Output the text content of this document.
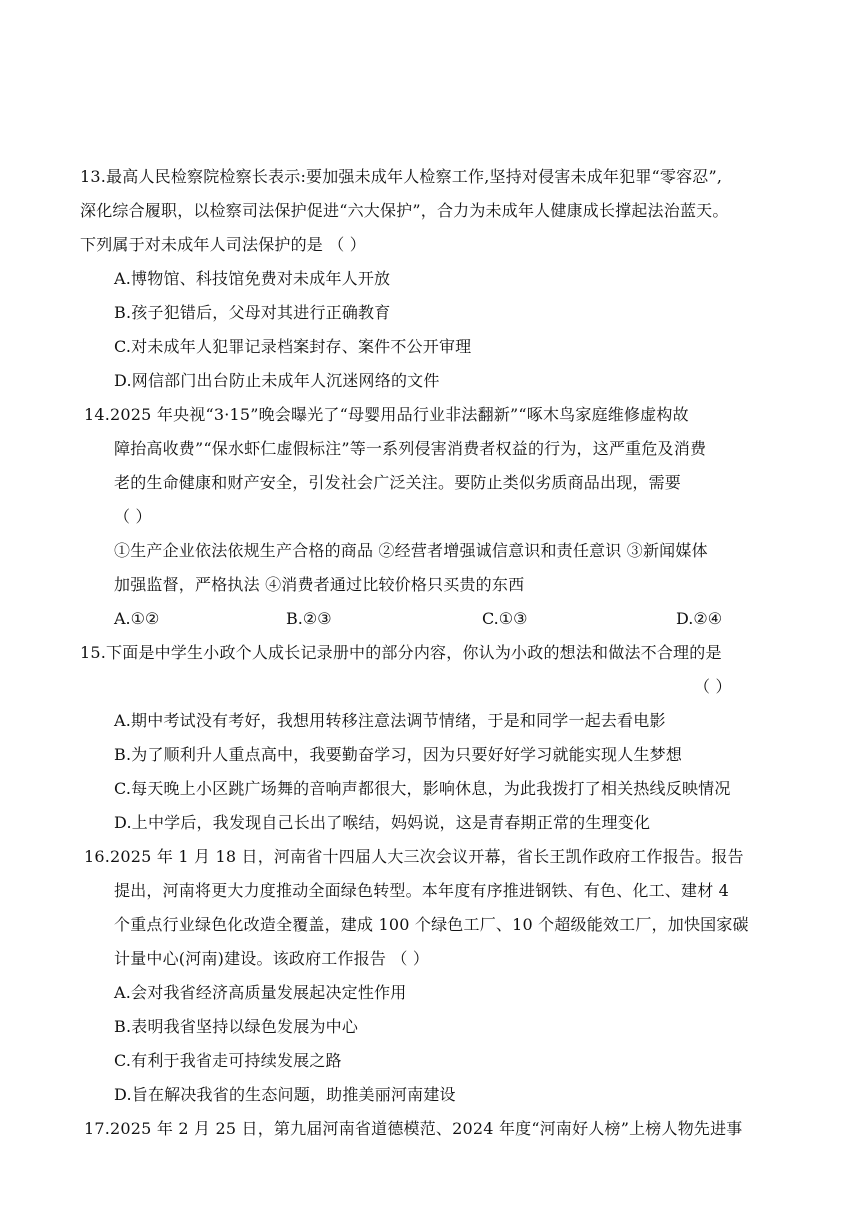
13.最高人民检察院检察长表示:要加强未成年人检察工作,坚持对侵害未成年犯罪“零容忍”,
深化综合履职，以检察司法保护促进“六大保护”，合力为未成年人健康成长撑起法治蓝天。
下列属于对未成年人司法保护的是 （ ）
A.博物馆、科技馆免费对未成年人开放
B.孩子犯错后，父母对其进行正确教育
C.对未成年人犯罪记录档案封存、案件不公开审理
D.网信部门出台防止未成年人沉迷网络的文件
14.2025 年央视“3·15”晚会曝光了“母婴用品行业非法翻新”“啄木鸟家庭维修虚构故
障抬高收费”“保水虾仁虚假标注”等一系列侵害消费者权益的行为，这严重危及消费
老的生命健康和财产安全，引发社会广泛关注。要防止类似劣质商品出现，需要
（ ）
①生产企业依法依规生产合格的商品 ②经营者增强诚信意识和责任意识 ③新闻媒体
加强监督，严格执法 ④消费者通过比较价格只买贵的东西
A.①②	B.②③	C.①③	D.②④
15.下面是中学生小政个人成长记录册中的部分内容，你认为小政的想法和做法不合理的是
（ ）
A.期中考试没有考好，我想用转移注意法调节情绪，于是和同学一起去看电影
B.为了顺利升人重点高中，我要勤奋学习，因为只要好好学习就能实现人生梦想
C.每天晚上小区跳广场舞的音响声都很大，影响休息，为此我拨打了相关热线反映情况
D.上中学后，我发现自己长出了喉结，妈妈说，这是青春期正常的生理变化
16.2025 年 1 月 18 日，河南省十四届人大三次会议开幕，省长王凯作政府工作报告。报告
提出，河南将更大力度推动全面绿色转型。本年度有序推进钢铁、有色、化工、建材 4
个重点行业绿色化改造全覆盖，建成 100 个绿色工厂、10 个超级能效工厂，加快国家碳
计量中心(河南)建设。该政府工作报告 （ ）
A.会对我省经济高质量发展起决定性作用
B.表明我省坚持以绿色发展为中心
C.有利于我省走可持续发展之路
D.旨在解决我省的生态问题，助推美丽河南建设
17.2025 年 2 月 25 日，第九届河南省道德模范、2024 年度“河南好人榜”上榜人物先进事
